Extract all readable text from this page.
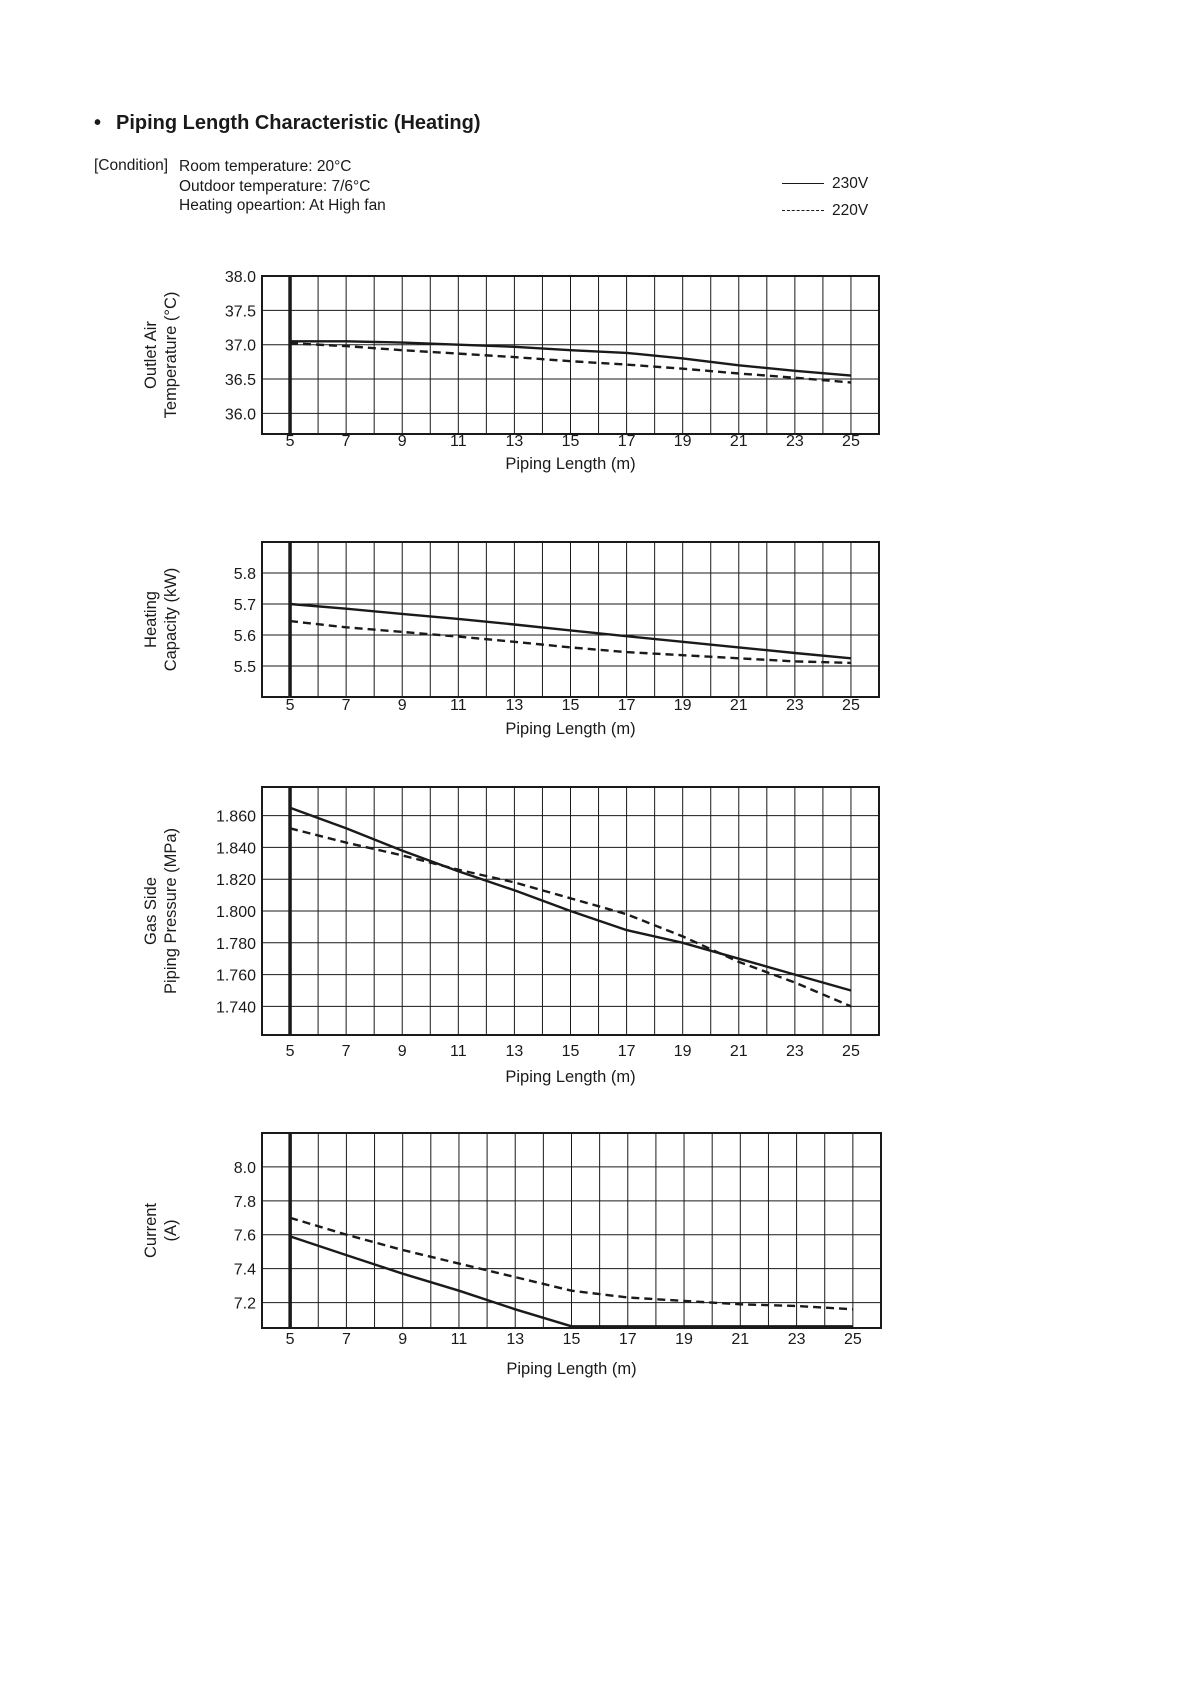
• Piping Length Characteristic (Heating)
[Condition] Room temperature: 20°C
Outdoor temperature: 7/6°C
Heating opeartion: At High fan
230V
220V
5	7	9	11 13 15 17 19 21 23 25
36.0
36.5
37.0
37.5
38.0
Piping Length (m)
Outlet Air Temperature (°C)
5	7	9	11 13 15 17 19 21 23 25
5.5
5.6
5.7
5.8
Piping Length (m)
Heating Capacity (kW)
5	7	9	11 13 15 17 19 21 23 25
1.740
1.760
1.780
1.800
1.820
1.840
1.860
Piping Length (m)
Gas Side Piping Pressure (MPa)
5	7	9	11 13 15 17 19 21 23 25
7.2
7.4
7.6
7.8
8.0
Piping Length (m)
Current (A)
